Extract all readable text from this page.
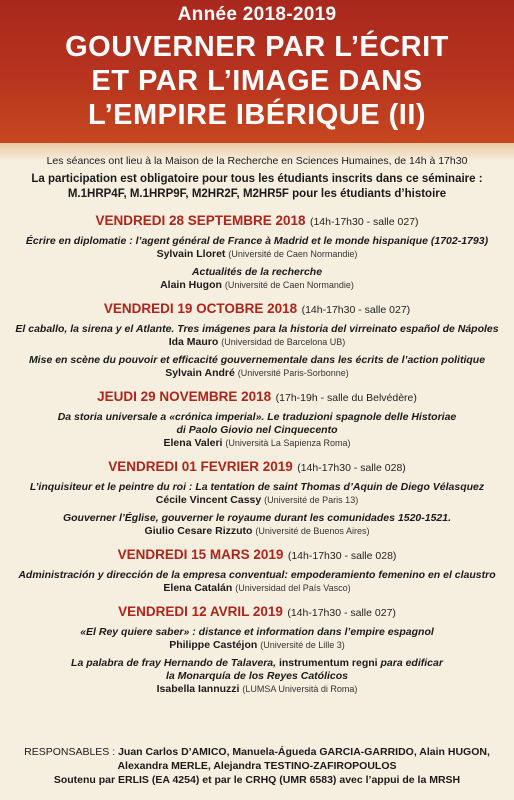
Année 2018-2019
GOUVERNER PAR L’ÉCRIT
ET PAR L’IMAGE DANS
L’EMPIRE IBÉRIQUE (II)
Les séances ont lieu à la Maison de la Recherche en Sciences Humaines, de 14h à 17h30
La participation est obligatoire pour tous les étudiants inscrits dans ce séminaire :
M.1HRP4F, M.1HRP9F, M2HR2F, M2HR5F pour les étudiants d’histoire
VENDREDI 28 SEPTEMBRE 2018 (14h-17h30 - salle 027)
Écrire en diplomatie : l’agent général de France à Madrid et le monde hispanique (1702-1793)
Sylvain Lloret (Université de Caen Normandie)
Actualités de la recherche
Alain Hugon (Université de Caen Normandie)
VENDREDI 19 OCTOBRE 2018 (14h-17h30 - salle 027)
El caballo, la sirena y el Atlante. Tres imágenes para la historia del virreinato español de Nápoles
Ida Mauro (Universidad de Barcelona UB)
Mise en scène du pouvoir et efficacité gouvernementale dans les écrits de l’action politique
Sylvain André (Université Paris-Sorbonne)
JEUDI 29 NOVEMBRE 2018 (17h-19h - salle du Belvédère)
Da storia universale a «crónica imperial». Le traduzioni spagnole delle Historiae
di Paolo Giovio nel Cinquecento
Elena Valeri (Università La Sapienza Roma)
VENDREDI 01 FEVRIER 2019 (14h-17h30 - salle 028)
L’inquisiteur et le peintre du roi : La tentation de saint Thomas d’Aquin de Diego Vélasquez
Cécile Vincent Cassy (Université de Paris 13)
Gouverner l’Église, gouverner le royaume durant les comunidades 1520-1521.
Giulio Cesare Rizzuto (Université de Buenos Aires)
VENDREDI 15 MARS 2019 (14h-17h30 - salle 028)
Administración y dirección de la empresa conventual: empoderamiento femenino en el claustro
Elena Catalán (Universidad del País Vasco)
VENDREDI 12 AVRIL 2019 (14h-17h30 - salle 027)
«El Rey quiere saber» : distance et information dans l’empire espagnol
Philippe Castéjon (Université de Lille 3)
La palabra de fray Hernando de Talavera, instrumentum regni para edificar
la Monarquía de los Reyes Católicos
Isabella Iannuzzi (LUMSA Università di Roma)
RESPONSABLES : Juan Carlos D’AMICO, Manuela-Águeda GARCIA-GARRIDO, Alain HUGON,
Alexandra MERLE, Alejandra TESTINO-ZAFIROPOULOS
Soutenu par ERLIS (EA 4254) et par le CRHQ (UMR 6583) avec l’appui de la MRSH
